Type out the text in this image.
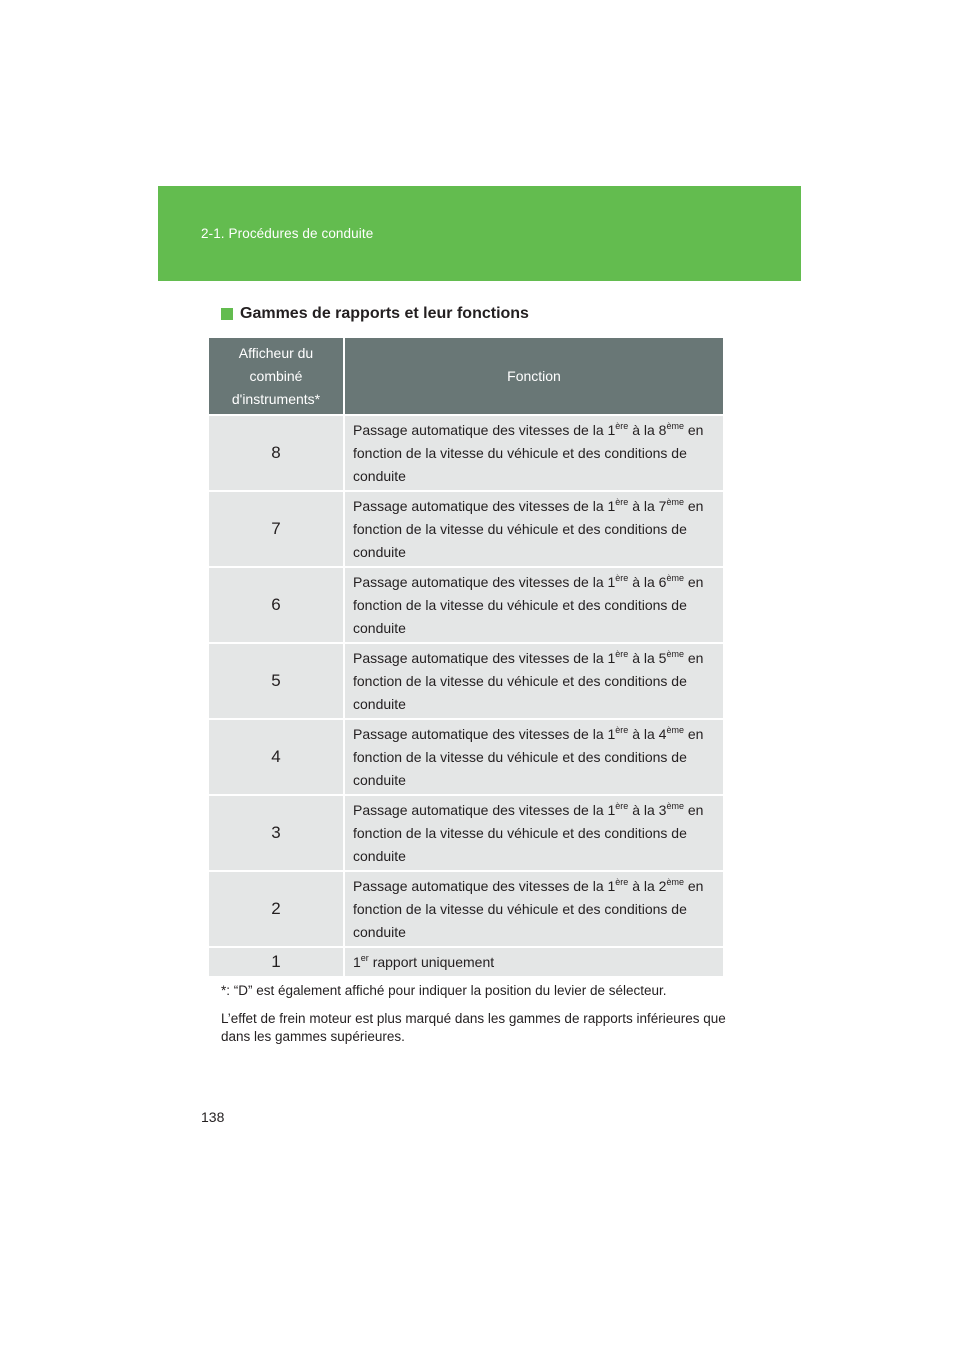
2-1. Procédures de conduite
Gammes de rapports et leur fonctions
Afficheur du combiné d'instruments*	Fonction

8	Passage automatique des vitesses de la 1ère à la 8ème en fonction de la vitesse du véhicule et des conditions de conduite

7	Passage automatique des vitesses de la 1ère à la 7ème en fonction de la vitesse du véhicule et des conditions de conduite

6	Passage automatique des vitesses de la 1ère à la 6ème en fonction de la vitesse du véhicule et des conditions de conduite

5	Passage automatique des vitesses de la 1ère à la 5ème en fonction de la vitesse du véhicule et des conditions de conduite

4	Passage automatique des vitesses de la 1ère à la 4ème en fonction de la vitesse du véhicule et des conditions de conduite

3	Passage automatique des vitesses de la 1ère à la 3ème en fonction de la vitesse du véhicule et des conditions de conduite

2	Passage automatique des vitesses de la 1ère à la 2ème en fonction de la vitesse du véhicule et des conditions de conduite

1	1er rapport uniquement
*: “D” est également affiché pour indiquer la position du levier de sélecteur.
L’effet de frein moteur est plus marqué dans les gammes de rapports inférieures que dans les gammes supérieures.
138
